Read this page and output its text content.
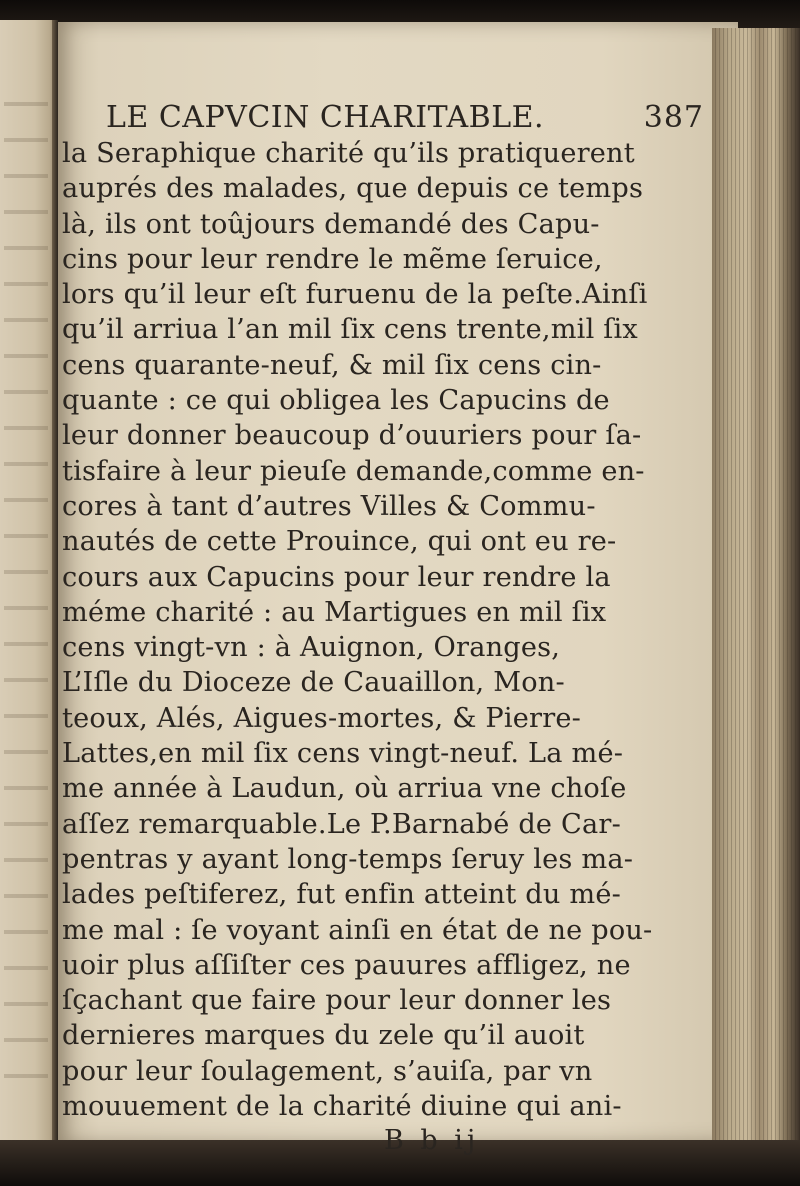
LE CAPVCIN CHARITABLE.	387
la Seraphique charité qu’ils pratiquerent
auprés des malades, que depuis ce temps
là, ils ont toûjours demandé des Capu-
cins pour leur rendre le mẽme ſeruice,
lors qu’il leur eſt furuenu de la peſte.Ainſi
qu’il arriua l’an mil ſix cens trente,mil ſix
cens quarante-neuf, & mil ſix cens cin-
quante : ce qui obligea les Capucins de
leur donner beaucoup d’ouuriers pour ſa-
tisfaire à leur pieuſe demande,comme en-
cores à tant d’autres Villes & Commu-
nautés de cette Prouince, qui ont eu re-
cours aux Capucins pour leur rendre la
méme charité : au Martigues en mil ſix
cens vingt-vn : à Auignon, Oranges,
L’Iſle du Dioceze de Cauaillon, Mon-
teoux, Alés, Aigues-mortes, & Pierre-
Lattes,en mil ſix cens vingt-neuf. La mé-
me année à Laudun, où arriua vne choſe
aſſez remarquable.Le P.Barnabé de Car-
pentras y ayant long-temps ſeruy les ma-
lades peſtiferez, fut enfin atteint du mé-
me mal : ſe voyant ainſi en état de ne pou-
uoir plus aſſiſter ces pauures affligez, ne
ſçachant que faire pour leur donner les
dernieres marques du zele qu’il auoit
pour leur ſoulagement, s’auiſa, par vn
mouuement de la charité diuine qui ani-
B b ij
